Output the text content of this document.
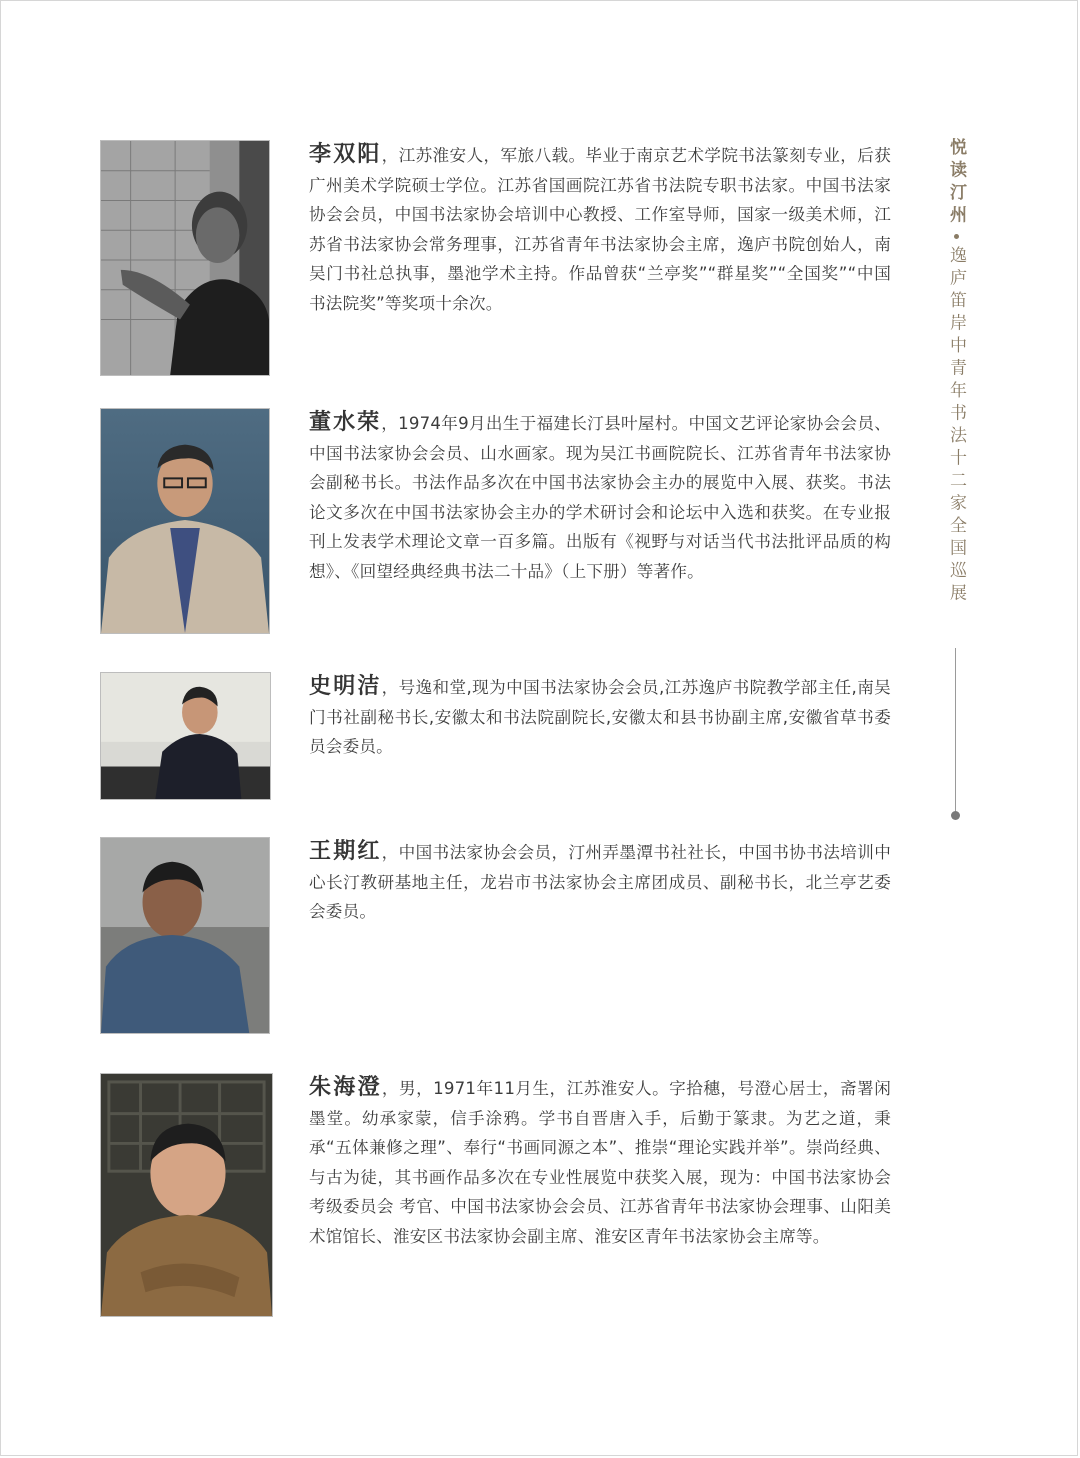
李双阳，江苏淮安人，军旅八载。毕业于南京艺术学院书法篆刻专业，后获广州美术学院硕士学位。江苏省国画院江苏省书法院专职书法家。中国书法家协会会员，中国书法家协会培训中心教授、工作室导师，国家一级美术师，江苏省书法家协会常务理事，江苏省青年书法家协会主席，逸庐书院创始人，南吴门书社总执事，墨池学术主持。作品曾获“兰亭奖”“群星奖”“全国奖”“中国书法院奖”等奖项十余次。
董水荣，1974年9月出生于福建长汀县叶屋村。中国文艺评论家协会会员、中国书法家协会会员、山水画家。现为吴江书画院院长、江苏省青年书法家协会副秘书长。书法作品多次在中国书法家协会主办的展览中入展、获奖。书法论文多次在中国书法家协会主办的学术研讨会和论坛中入选和获奖。在专业报刊上发表学术理论文章一百多篇。出版有《视野与对话当代书法批评品质的构想》、《回望经典经典书法二十品》（上下册）等著作。
史明洁，号逸和堂,现为中国书法家协会会员,江苏逸庐书院教学部主任,南吴门书社副秘书长,安徽太和书法院副院长,安徽太和县书协副主席,安徽省草书委员会委员。
王期红，中国书法家协会会员，汀州弄墨潭书社社长，中国书协书法培训中心长汀教研基地主任，龙岩市书法家协会主席团成员、副秘书长，北兰亭艺委会委员。
朱海澄，男，1971年11月生，江苏淮安人。字拾穗，号澄心居士，斋署闲墨堂。幼承家蒙，信手涂鸦。学书自晋唐入手，后勤于篆隶。为艺之道，秉承“五体兼修之理”、奉行“书画同源之本”、推崇“理论实践并举”。崇尚经典、与古为徒，其书画作品多次在专业性展览中获奖入展，现为：中国书法家协会考级委员会 考官、中国书法家协会会员、江苏省青年书法家协会理事、山阳美术馆馆长、淮安区书法家协会副主席、淮安区青年书法家协会主席等。
悦读汀州
逸庐笛岸中青年书法十二家全国巡展
